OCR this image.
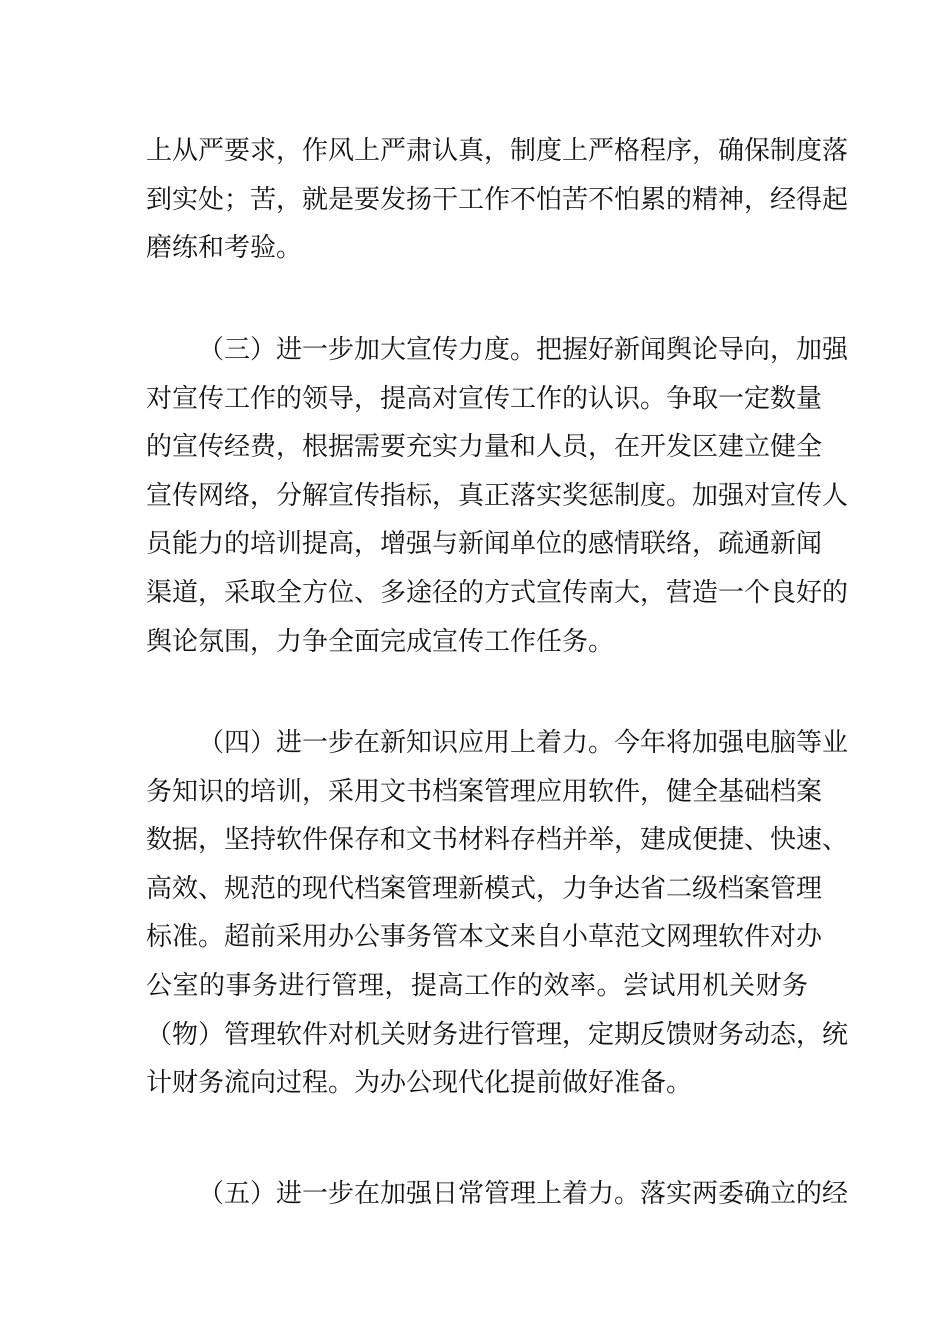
上从严要求，作风上严肃认真，制度上严格程序，确保制度落
到实处；苦，就是要发扬干工作不怕苦不怕累的精神，经得起
磨练和考验。
（三）进一步加大宣传力度。把握好新闻舆论导向，加强
对宣传工作的领导，提高对宣传工作的认识。争取一定数量
的宣传经费，根据需要充实力量和人员，在开发区建立健全
宣传网络，分解宣传指标，真正落实奖惩制度。加强对宣传人
员能力的培训提高，增强与新闻单位的感情联络，疏通新闻
渠道，采取全方位、多途径的方式宣传南大，营造一个良好的
舆论氛围，力争全面完成宣传工作任务。
（四）进一步在新知识应用上着力。今年将加强电脑等业
务知识的培训，采用文书档案管理应用软件，健全基础档案
数据，坚持软件保存和文书材料存档并举，建成便捷、快速、
高效、规范的现代档案管理新模式，力争达省二级档案管理
标准。超前采用办公事务管本文来自小草范文网理软件对办
公室的事务进行管理，提高工作的效率。尝试用机关财务
（物）管理软件对机关财务进行管理，定期反馈财务动态，统
计财务流向过程。为办公现代化提前做好准备。
（五）进一步在加强日常管理上着力。落实两委确立的经
